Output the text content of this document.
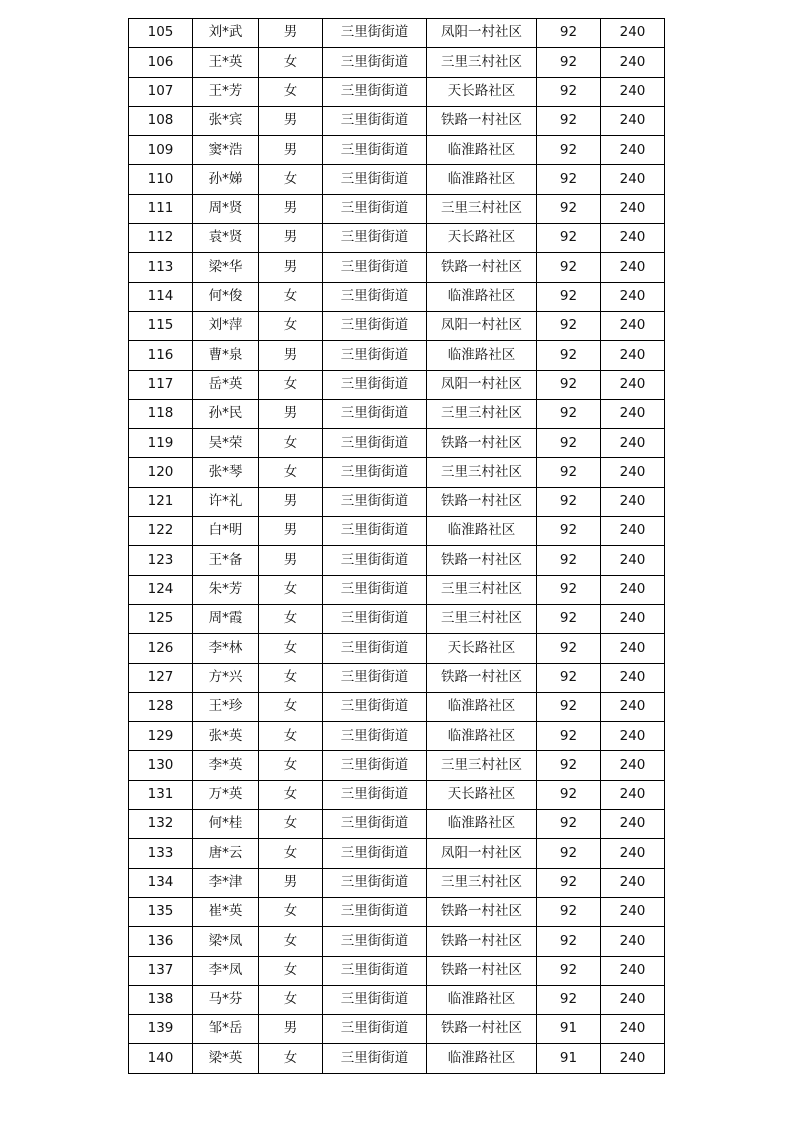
105	刘*武	男	三里街街道	凤阳一村社区	92	240
106	王*英	女	三里街街道	三里三村社区	92	240
107	王*芳	女	三里街街道	天长路社区	92	240
108	张*宾	男	三里街街道	铁路一村社区	92	240
109	窦*浩	男	三里街街道	临淮路社区	92	240
110	孙*娣	女	三里街街道	临淮路社区	92	240
111	周*贤	男	三里街街道	三里三村社区	92	240
112	袁*贤	男	三里街街道	天长路社区	92	240
113	梁*华	男	三里街街道	铁路一村社区	92	240
114	何*俊	女	三里街街道	临淮路社区	92	240
115	刘*萍	女	三里街街道	凤阳一村社区	92	240
116	曹*泉	男	三里街街道	临淮路社区	92	240
117	岳*英	女	三里街街道	凤阳一村社区	92	240
118	孙*民	男	三里街街道	三里三村社区	92	240
119	吴*荣	女	三里街街道	铁路一村社区	92	240
120	张*琴	女	三里街街道	三里三村社区	92	240
121	许*礼	男	三里街街道	铁路一村社区	92	240
122	白*明	男	三里街街道	临淮路社区	92	240
123	王*备	男	三里街街道	铁路一村社区	92	240
124	朱*芳	女	三里街街道	三里三村社区	92	240
125	周*霞	女	三里街街道	三里三村社区	92	240
126	李*林	女	三里街街道	天长路社区	92	240
127	方*兴	女	三里街街道	铁路一村社区	92	240
128	王*珍	女	三里街街道	临淮路社区	92	240
129	张*英	女	三里街街道	临淮路社区	92	240
130	李*英	女	三里街街道	三里三村社区	92	240
131	万*英	女	三里街街道	天长路社区	92	240
132	何*桂	女	三里街街道	临淮路社区	92	240
133	唐*云	女	三里街街道	凤阳一村社区	92	240
134	李*津	男	三里街街道	三里三村社区	92	240
135	崔*英	女	三里街街道	铁路一村社区	92	240
136	梁*凤	女	三里街街道	铁路一村社区	92	240
137	李*凤	女	三里街街道	铁路一村社区	92	240
138	马*芬	女	三里街街道	临淮路社区	92	240
139	邹*岳	男	三里街街道	铁路一村社区	91	240
140	梁*英	女	三里街街道	临淮路社区	91	240
